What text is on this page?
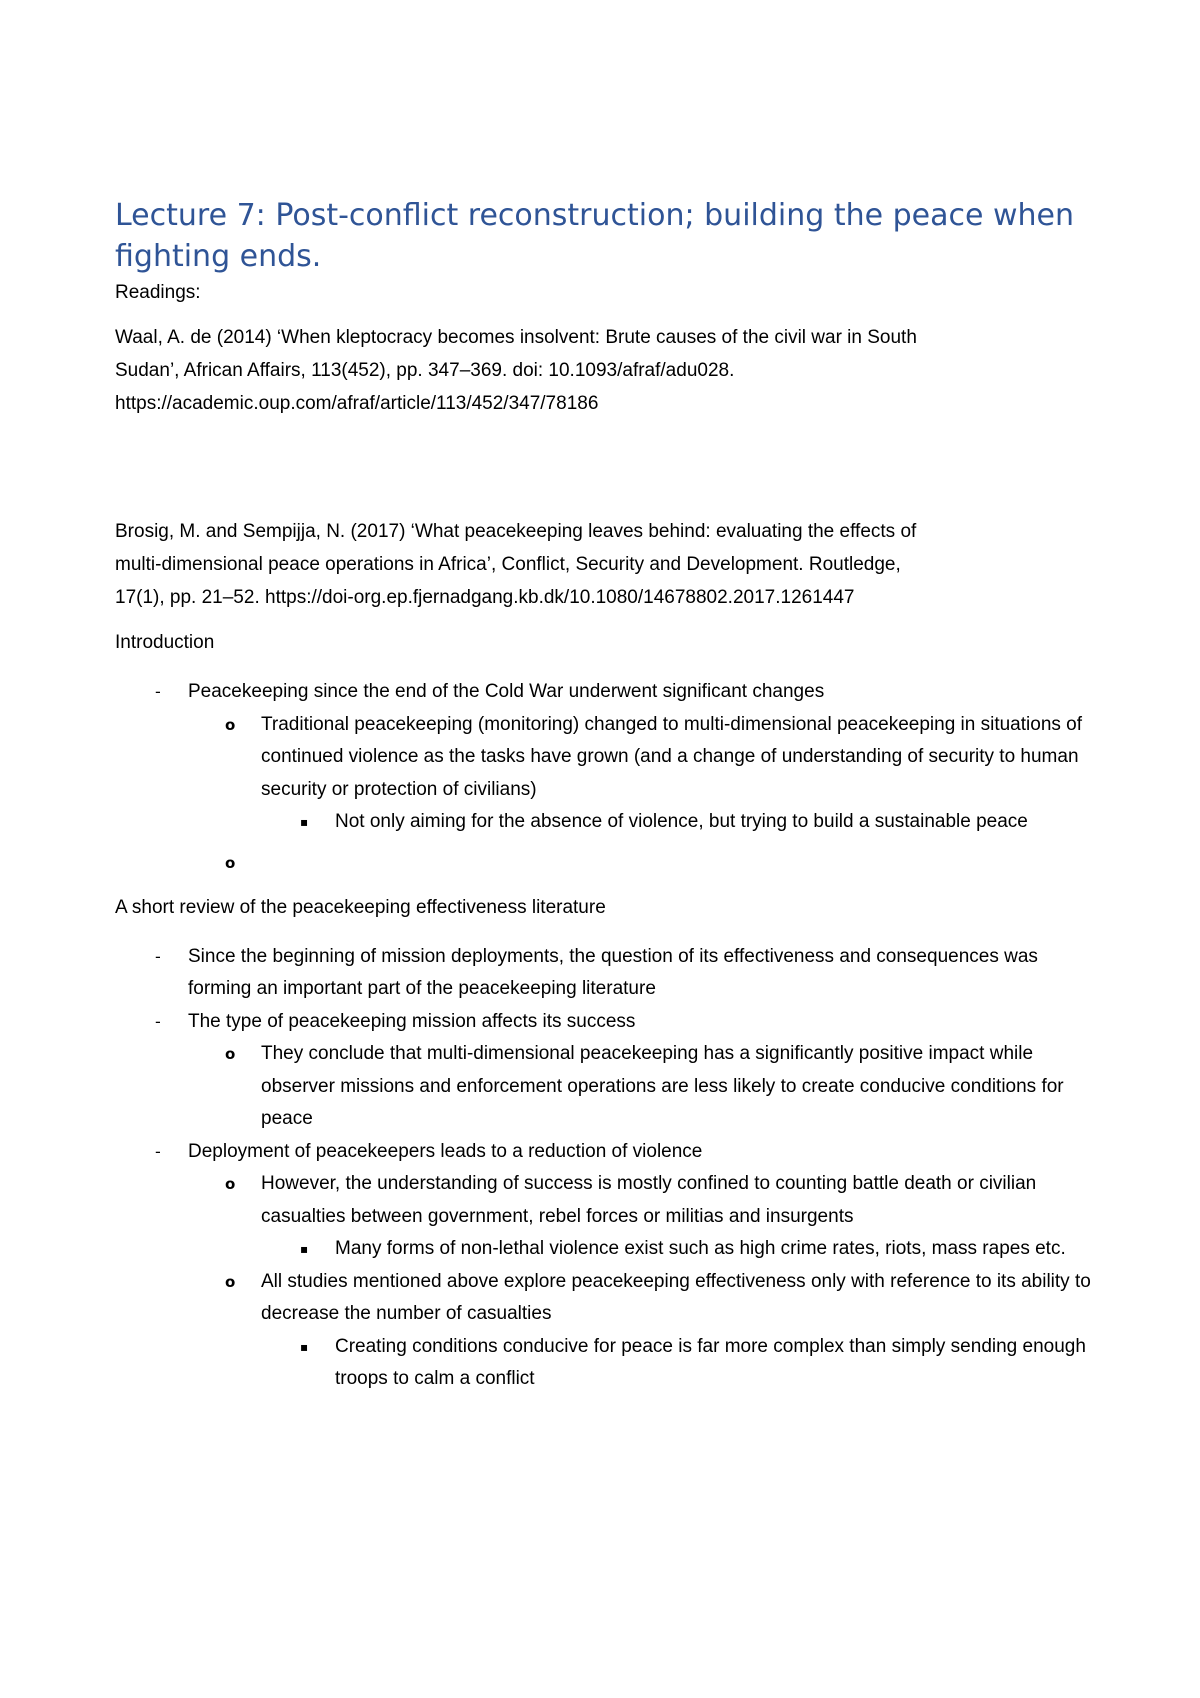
Lecture 7: Post-conflict reconstruction; building the peace when fighting ends.

Readings:

Waal, A. de (2014) ‘When kleptocracy becomes insolvent: Brute causes of the civil war in South

Sudan’, African Affairs, 113(452), pp. 347–369. doi: 10.1093/afraf/adu028.

https://academic.oup.com/afraf/article/113/452/347/78186

Brosig, M. and Sempijja, N. (2017) ‘What peacekeeping leaves behind: evaluating the effects of

multi-dimensional peace operations in Africa’, Conflict, Security and Development. Routledge,

17(1), pp. 21–52. https://doi-org.ep.fjernadgang.kb.dk/10.1080/14678802.2017.1261447

Introduction

- Peacekeeping since the end of the Cold War underwent significant changes
o Traditional peacekeeping (monitoring) changed to multi-dimensional peacekeeping in situations of continued violence as the tasks have grown (and a change of understanding of security to human security or protection of civilians)
▪ Not only aiming for the absence of violence, but trying to build a sustainable peace
o

A short review of the peacekeeping effectiveness literature

- Since the beginning of mission deployments, the question of its effectiveness and consequences was forming an important part of the peacekeeping literature
- The type of peacekeeping mission affects its success
o They conclude that multi-dimensional peacekeeping has a significantly positive impact while observer missions and enforcement operations are less likely to create conducive conditions for peace
- Deployment of peacekeepers leads to a reduction of violence
o However, the understanding of success is mostly confined to counting battle death or civilian casualties between government, rebel forces or militias and insurgents
▪ Many forms of non-lethal violence exist such as high crime rates, riots, mass rapes etc.
o All studies mentioned above explore peacekeeping effectiveness only with reference to its ability to decrease the number of casualties
▪ Creating conditions conducive for peace is far more complex than simply sending enough troops to calm a conflict
